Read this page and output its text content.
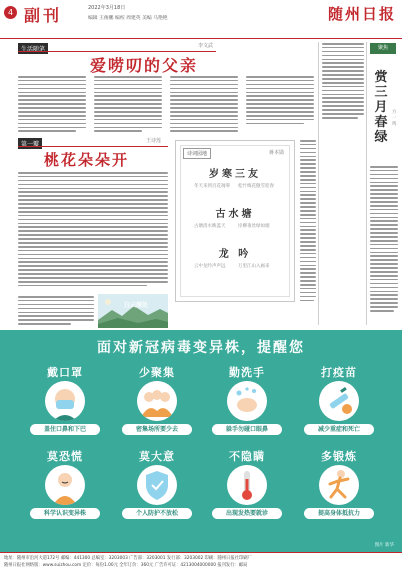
4 副刊	2022年3月18日
编辑 王俊鹏 编校 周建英 美编 马艳艳	随州日报
生活随笔	李文武
爱唠叨的父亲
第一瓣	王诗莲
桃花朵朵开
白云深处
诗词园地	蒋本勋
岁寒三友
冬天来到百花凋零 松竹梅花傲雪迎春
古水塘
古塘清水映蓝天	岸柳垂丝绿如烟
龙 吟
云中龙吟声声远	万里江山入画来
聚焦
赏三月春绿
方一鸣
面对新冠病毒变异株，提醒您
戴口罩
盖住口鼻和下巴
少聚集
密集场所要少去
勤洗手
躲手勿碰口眼鼻
打疫苗
减少重症和死亡
莫恐慌
科学认识变异株
莫大意
个人防护不放松
不隐瞒
出现发热要就诊
多锻炼
提高身体抵抗力
图片 新华
地址：随州市沿河大道172号 邮编：441300 总编室：3203003 广告部：3203001 发行部：3203002 印刷：随州日报社印刷厂
随州日报社网络版：www.suizhou.com 定价：每份1.00元 全年订价：360元 广告许可证：4213004000000 报刊发行：邮局
